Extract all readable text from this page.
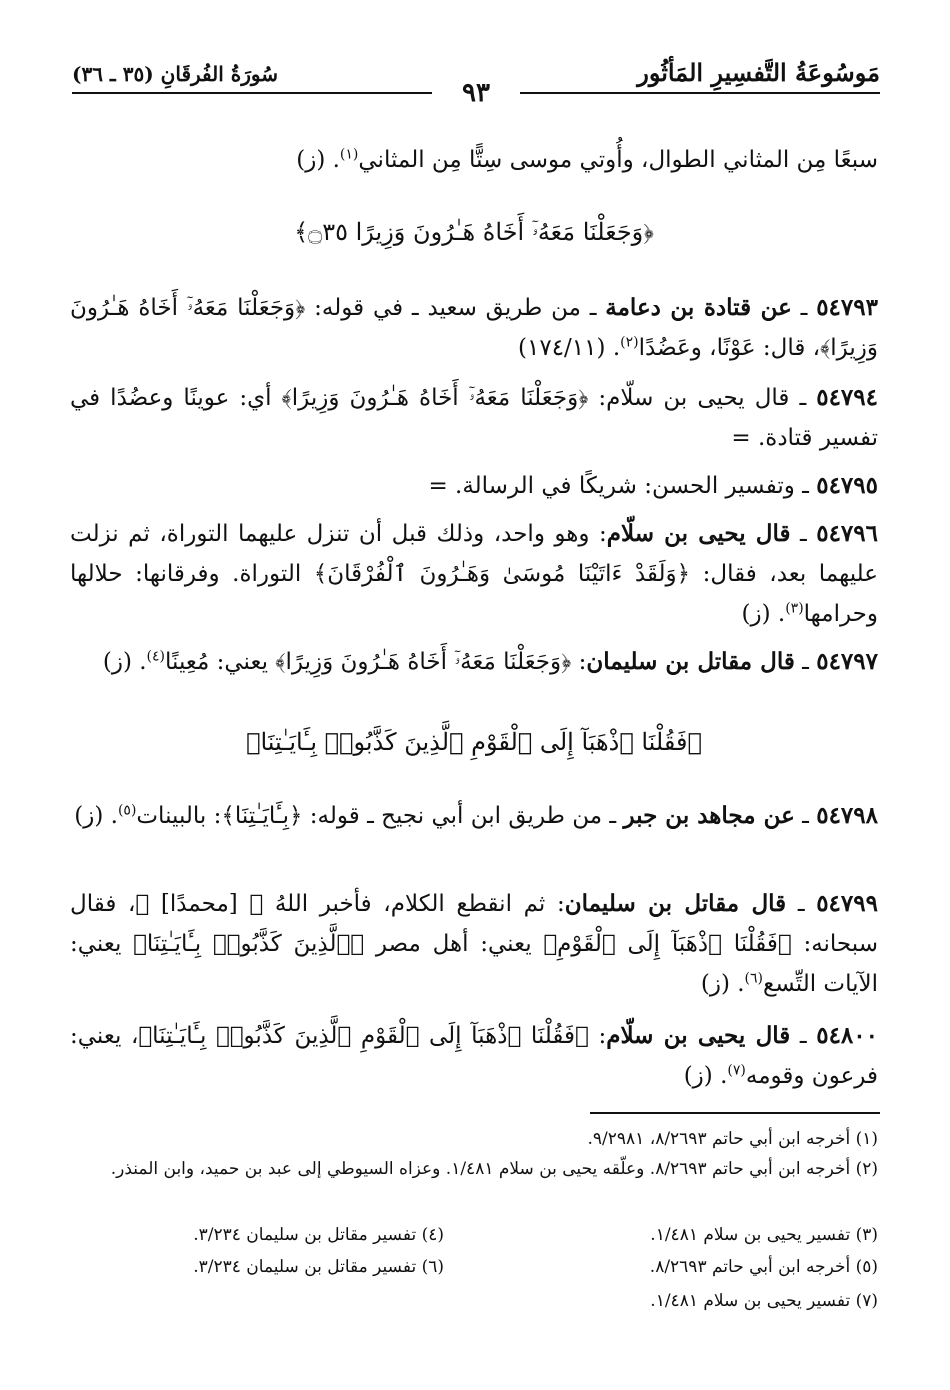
مَوسُوعَةُ التَّفسِيرِ المَأثُور
سُورَةُ الفُرقَانِ (٣٥ ـ ٣٦)
٩٣
سبعًا مِن المثاني الطوال، وأُوتي موسى سِتًّا مِن المثاني$^{(١)}$. (ز)
﴿وَجَعَلْنَا مَعَهُۥٓ أَخَاهُ هَـٰرُونَ وَزِيرًا ۝٣٥﴾
٥٤٧٩٣ ـ عن قتادة بن دعامة ـ من طريق سعيد ـ في قوله: ﴿وَجَعَلْنَا مَعَهُۥٓ أَخَاهُ هَـٰرُونَ وَزِيرًا﴾، قال: عَوْنًا، وعَضُدًا$^{(٢)}$. (١٧٤/١١)
٥٤٧٩٤ ـ قال يحيى بن سلّام: ﴿وَجَعَلْنَا مَعَهُۥٓ أَخَاهُ هَـٰرُونَ وَزِيرًا﴾ أي: عوينًا وعضُدًا في تفسير قتادة. =
٥٤٧٩٥ ـ وتفسير الحسن: شريكًا في الرسالة. =
٥٤٧٩٦ ـ قال يحيى بن سلّام: وهو واحد، وذلك قبل أن تنزل عليهما التوراة، ثم نزلت عليهما بعد، فقال: ﴿وَلَقَدْ ءَاتَيْنَا مُوسَىٰ وَهَـٰرُونَ ٱلْفُرْقَانَ﴾ التوراة. وفرقانها: حلالها وحرامها$^{(٣)}$. (ز)
٥٤٧٩٧ ـ قال مقاتل بن سليمان: ﴿وَجَعَلْنَا مَعَهُۥٓ أَخَاهُ هَـٰرُونَ وَزِيرًا﴾ يعني: مُعِينًا$^{(٤)}$. (ز)
﴿فَقُلْنَا ٱذْهَبَآ إِلَى ٱلْقَوْمِ ٱلَّذِينَ كَذَّبُوا۟ بِـَٔايَـٰتِنَا﴾
٥٤٧٩٨ ـ عن مجاهد بن جبر ـ من طريق ابن أبي نجيح ـ قوله: ﴿بِـَٔايَـٰتِنَا﴾: بالبينات$^{(٥)}$. (ز)
٥٤٧٩٩ ـ قال مقاتل بن سليمان: ثم انقطع الكلام، فأخبر اللهُ ﷻ [محمدًا] ﷺ، فقال سبحانه: ﴿فَقُلْنَا ٱذْهَبَآ إِلَى ٱلْقَوْمِ﴾ يعني: أهل مصر ﴿ٱلَّذِينَ كَذَّبُوا۟ بِـَٔايَـٰتِنَا﴾ يعني: الآيات التِّسع$^{(٦)}$. (ز)
٥٤٨٠٠ ـ قال يحيى بن سلّام: ﴿فَقُلْنَا ٱذْهَبَآ إِلَى ٱلْقَوْمِ ٱلَّذِينَ كَذَّبُوا۟ بِـَٔايَـٰتِنَا﴾، يعني: فرعون وقومه$^{(٧)}$. (ز)
(١) أخرجه ابن أبي حاتم ٨/٢٦٩٣، ٩/٢٩٨١.
(٢) أخرجه ابن أبي حاتم ٨/٢٦٩٣. وعلّقه يحيى بن سلام ١/٤٨١. وعزاه السيوطي إلى عبد بن حميد، وابن المنذر.
(٣) تفسير يحيى بن سلام ١/٤٨١.
(٤) تفسير مقاتل بن سليمان ٣/٢٣٤.
(٥) أخرجه ابن أبي حاتم ٨/٢٦٩٣.
(٦) تفسير مقاتل بن سليمان ٣/٢٣٤.
(٧) تفسير يحيى بن سلام ١/٤٨١.
